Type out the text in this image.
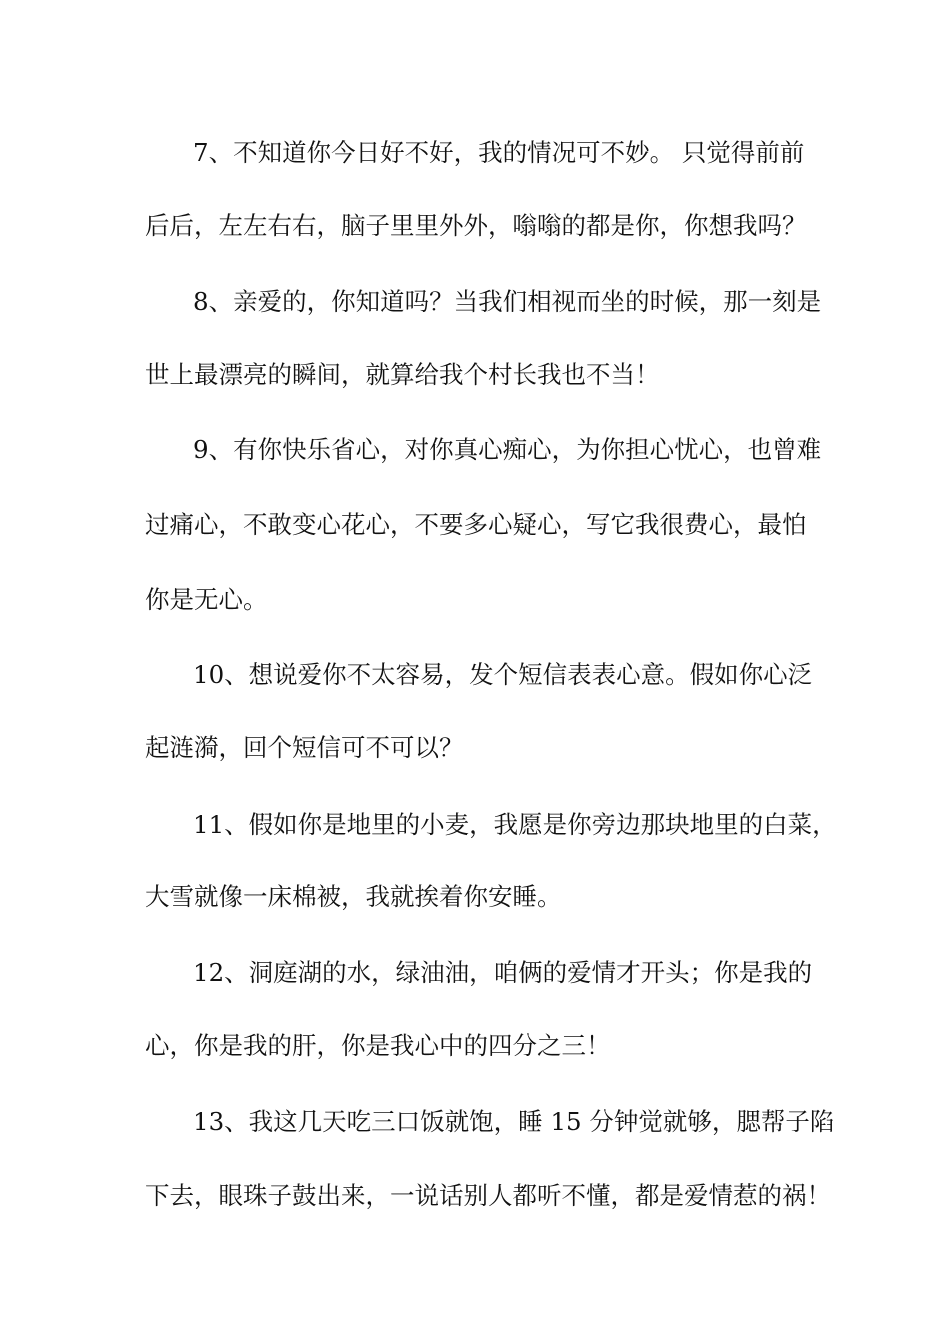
7、不知道你今日好不好，我的情况可不妙。 只觉得前前
后后，左左右右，脑子里里外外，嗡嗡的都是你，你想我吗？
8、亲爱的，你知道吗？当我们相视而坐的时候，那一刻是
世上最漂亮的瞬间，就算给我个村长我也不当！
9、有你快乐省心，对你真心痴心，为你担心忧心，也曾难
过痛心，不敢变心花心，不要多心疑心，写它我很费心，最怕
你是无心。
10、想说爱你不太容易，发个短信表表心意。假如你心泛
起涟漪，回个短信可不可以？
11、假如你是地里的小麦，我愿是你旁边那块地里的白菜，
大雪就像一床棉被，我就挨着你安睡。
12、洞庭湖的水，绿油油，咱俩的爱情才开头；你是我的
心，你是我的肝，你是我心中的四分之三！
13、我这几天吃三口饭就饱，睡 15 分钟觉就够，腮帮子陷
下去，眼珠子鼓出来，一说话别人都听不懂，都是爱情惹的祸！
